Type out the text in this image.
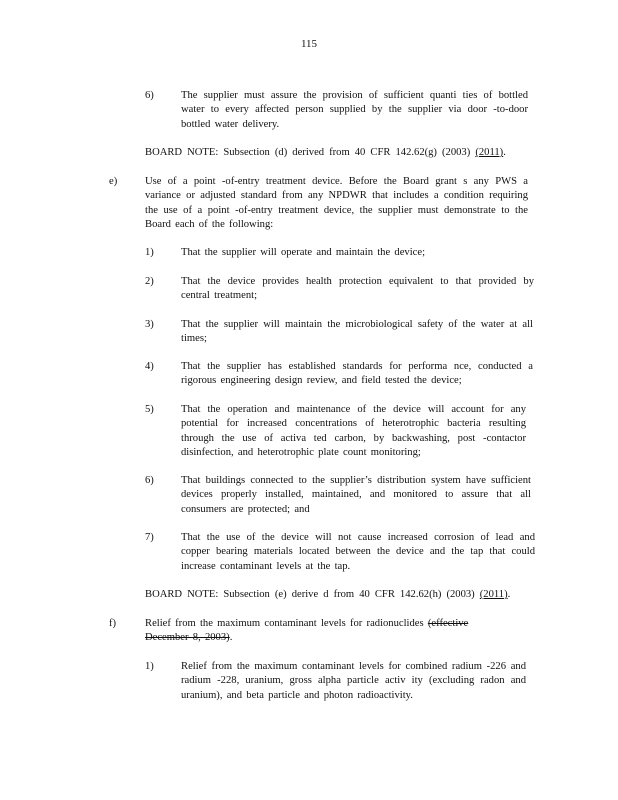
115
6)	The supplier must assure the provision of sufficient quanti ties of bottled water to every affected person supplied by the supplier via door -to-door bottled water delivery.
BOARD NOTE: Subsection (d) derived from 40 CFR 142.62(g) (2003) (2011).
e)	Use of a point -of-entry treatment device. Before the Board grant s any PWS a variance or adjusted standard from any NPDWR that includes a condition requiring the use of a point -of-entry treatment device, the supplier must demonstrate to the Board each of the following:
1)	That the supplier will operate and maintain the device;
2)	That the device provides health protection equivalent to that provided by central treatment;
3)	That the supplier will maintain the microbiological safety of the water at all times;
4)	That the supplier has established standards for performa nce, conducted a rigorous engineering design review, and field tested the device;
5)	That the operation and maintenance of the device will account for any potential for increased concentrations of heterotrophic bacteria resulting through the use of activa ted carbon, by backwashing, post -contactor disinfection, and heterotrophic plate count monitoring;
6)	That buildings connected to the supplier’s distribution system have sufficient devices properly installed, maintained, and monitored to assure that all consumers are protected; and
7)	That the use of the device will not cause increased corrosion of lead and copper bearing materials located between the device and the tap that could increase contaminant levels at the tap.
BOARD NOTE: Subsection (e) derive d from 40 CFR 142.62(h) (2003) (2011).
f)	Relief from the maximum contaminant levels for radionuclides (effective December 8, 2003).
1)	Relief from the maximum contaminant levels for combined radium -226 and radium -228, uranium, gross alpha particle activ ity (excluding radon and uranium), and beta particle and photon radioactivity.
